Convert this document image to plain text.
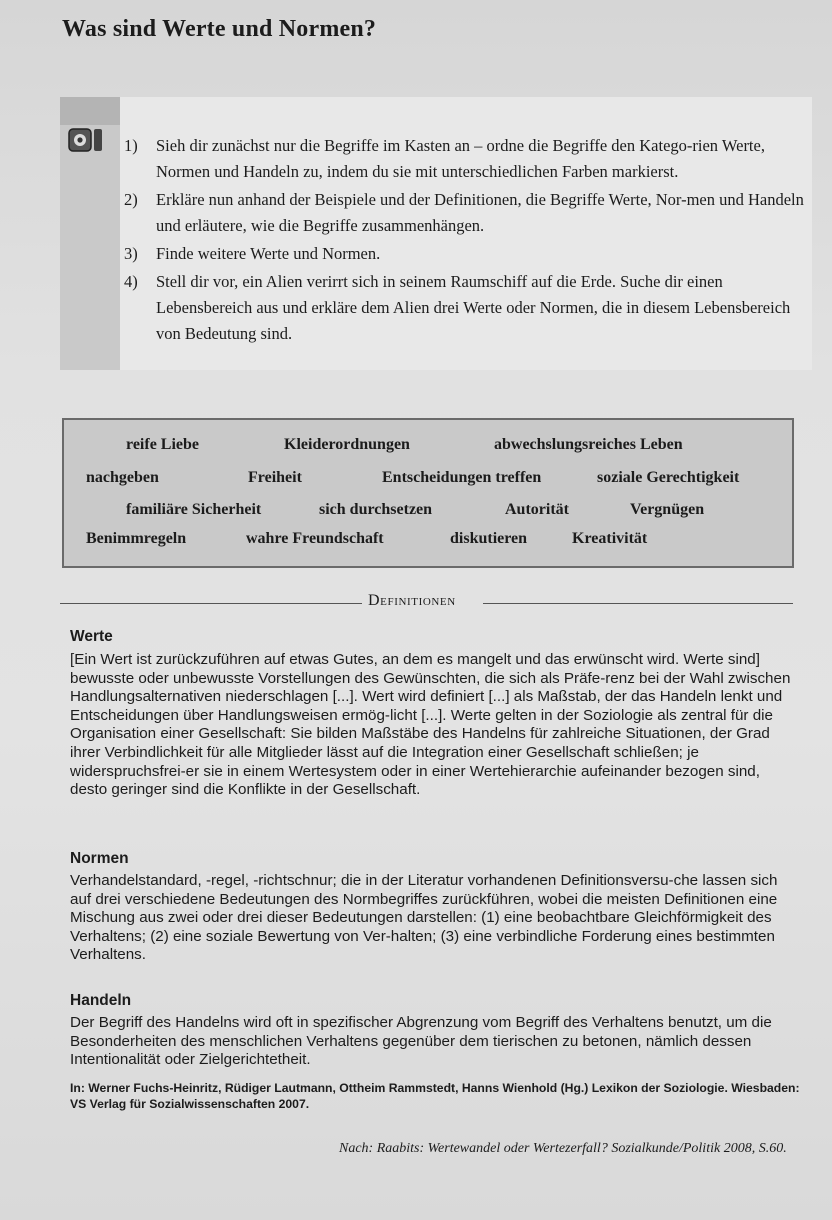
Was sind Werte und Normen?
1) Sieh dir zunächst nur die Begriffe im Kasten an – ordne die Begriffe den Katego-rien Werte, Normen und Handeln zu, indem du sie mit unterschiedlichen Farben markierst.
2) Erkläre nun anhand der Beispiele und der Definitionen, die Begriffe Werte, Nor-men und Handeln und erläutere, wie die Begriffe zusammenhängen.
3) Finde weitere Werte und Normen.
4) Stell dir vor, ein Alien verirrt sich in seinem Raumschiff auf die Erde. Suche dir einen Lebensbereich aus und erkläre dem Alien drei Werte oder Normen, die in diesem Lebensbereich von Bedeutung sind.
reife Liebe	Kleiderordnungen	abwechslungsreiches Leben
nachgeben	Freiheit	Entscheidungen treffen	soziale Gerechtigkeit
familiäre Sicherheit	sich durchsetzen	Autorität	Vergnügen
Benimmregeln	wahre Freundschaft	diskutieren	Kreativität
Definitionen
Werte
[Ein Wert ist zurückzuführen auf etwas Gutes, an dem es mangelt und das erwünscht wird. Werte sind] bewusste oder unbewusste Vorstellungen des Gewünschten, die sich als Präfe-renz bei der Wahl zwischen Handlungsalternativen niederschlagen [...]. Wert wird definiert [...] als Maßstab, der das Handeln lenkt und Entscheidungen über Handlungsweisen ermög-licht [...]. Werte gelten in der Soziologie als zentral für die Organisation einer Gesellschaft: Sie bilden Maßstäbe des Handelns für zahlreiche Situationen, der Grad ihrer Verbindlichkeit für alle Mitglieder lässt auf die Integration einer Gesellschaft schließen; je widerspruchsfrei-er sie in einem Wertesystem oder in einer Wertehierarchie aufeinander bezogen sind, desto geringer sind die Konflikte in der Gesellschaft.
Normen
Verhandelstandard, -regel, -richtschnur; die in der Literatur vorhandenen Definitionsversu-che lassen sich auf drei verschiedene Bedeutungen des Normbegriffes zurückführen, wobei die meisten Definitionen eine Mischung aus zwei oder drei dieser Bedeutungen darstellen: (1) eine beobachtbare Gleichförmigkeit des Verhaltens; (2) eine soziale Bewertung von Ver-halten; (3) eine verbindliche Forderung eines bestimmten Verhaltens.
Handeln
Der Begriff des Handelns wird oft in spezifischer Abgrenzung vom Begriff des Verhaltens benutzt, um die Besonderheiten des menschlichen Verhaltens gegenüber dem tierischen zu betonen, nämlich dessen Intentionalität oder Zielgerichtetheit.
In: Werner Fuchs-Heinritz, Rüdiger Lautmann, Ottheim Rammstedt, Hanns Wienhold (Hg.) Lexikon der Soziologie. Wiesbaden: VS Verlag für Sozialwissenschaften 2007.
Nach: Raabits: Wertewandel oder Wertezerfall? Sozialkunde/Politik 2008, S.60.
